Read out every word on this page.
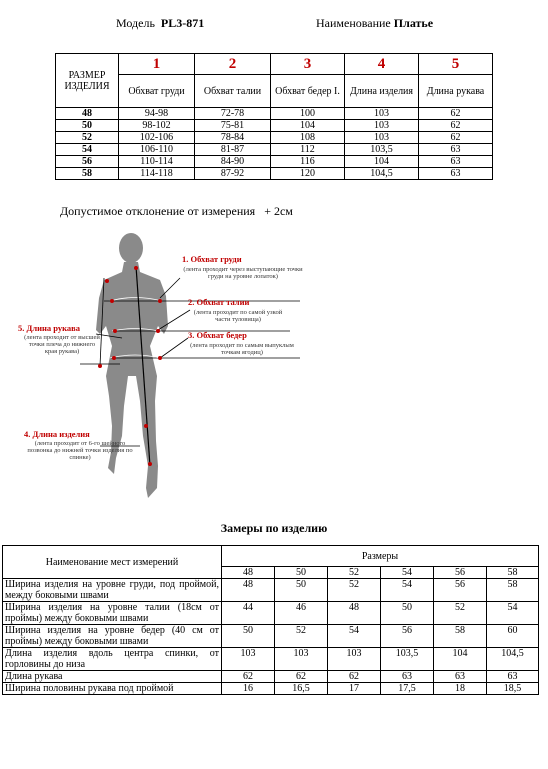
Модель PL3-871	Наименование Платье
РАЗМЕР ИЗДЕЛИЯ	1	2	3	4	5
	Обхват груди	Обхват талии	Обхват бедер I.	Длина изделия	Длина рукава
48	94-98	72-78	100	103	62
50	98-102	75-81	104	103	62
52	102-106	78-84	108	103	62
54	106-110	81-87	112	103,5	63
56	110-114	84-90	116	104	63
58	114-118	87-92	120	104,5	63
Допустимое отклонение от измерения + 2см
1. Обхват груди
(лента проходит через выступающие точки груди на уровне лопаток)
2. Обхват талии
(лента проходит по самой узкой части туловища)
3. Обхват бедер
(лента проходит по самым выпуклым точкам ягодиц)
5. Длина рукава
(лента проходит от высшей точки плеча до нижнего края рукава)
4. Длина изделия
(лента проходит от 6-го шейного позвонка до нижней точки изделия по спинке)
Замеры по изделию
Наименование мест измерений	Размеры					
	48	50	52	54	56	58
Ширина изделия на уровне груди, под проймой, между боковыми швами	48	50	52	54	56	58
Ширина изделия на уровне талии (18см от проймы) между боковыми швами	44	46	48	50	52	54
Ширина изделия на уровне бедер (40 см от проймы) между боковыми швами	50	52	54	56	58	60
Длина изделия вдоль центра спинки, от горловины до низа	103	103	103	103,5	104	104,5
Длина рукава	62	62	62	63	63	63
Ширина половины рукава под проймой	16	16,5	17	17,5	18	18,5
